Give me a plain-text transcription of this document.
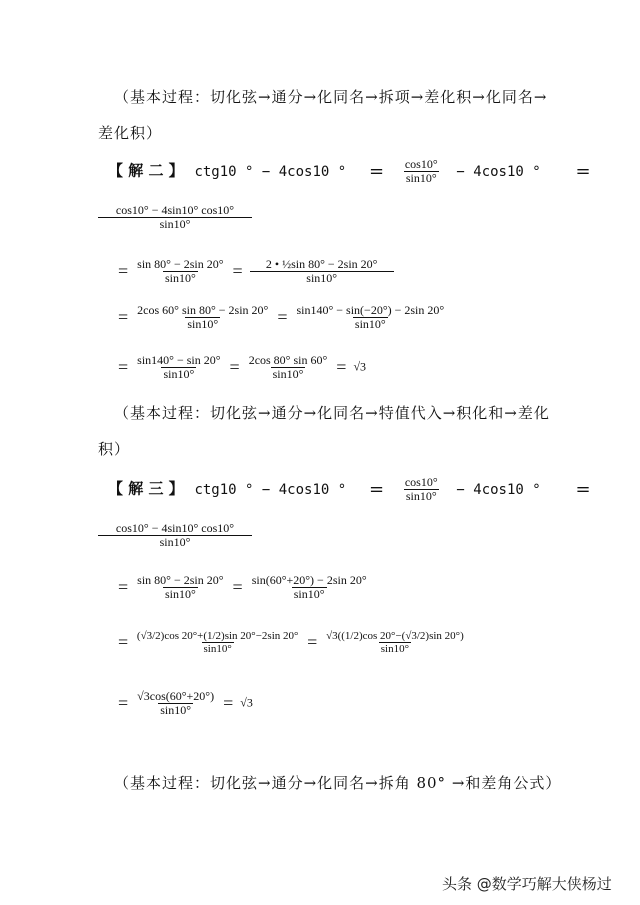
（基本过程：切化弦→通分→化同名→拆项→差化积→化同名→
差化积）
【 解 二 】 ctg10 ° − 4cos10 ° = $\frac{\cos 10^\circ}{\sin 10^\circ} - 4\cos 10$ ° =
$\frac{\cos 10^\circ - 4\sin 10^\circ \cos 10^\circ}{\sin 10^\circ}$
= $\frac{\sin 80^\circ - 2\sin 20^\circ}{\sin 10^\circ} = \frac{\text{2 • ½sin 80° − 2sin 20°}}{\sin 10^\circ}$
= $\frac{2\cos 60^\circ \sin 80^\circ - 2\sin 20^\circ}{\sin 10^\circ} = \frac{\sin 140^\circ - \sin(-20^\circ) - 2\sin 20^\circ}{\sin 10^\circ}$
= $\frac{\sin 140^\circ - \sin 20^\circ}{\sin 10^\circ} = \frac{2\cos 80^\circ \sin 60^\circ}{\sin 10^\circ} = √3$
（基本过程：切化弦→通分→化同名→特值代入→积化和→差化
积）
【 解 三 】 ctg10 ° − 4cos10 ° = $\frac{\cos 10^\circ}{\sin 10^\circ} - 4\cos 10$ ° =
$\frac{\cos 10^\circ - 4\sin 10^\circ \cos 10^\circ}{\sin 10^\circ}$
= $\frac{\sin 80^\circ - 2\sin 20^\circ}{\sin 10^\circ} = \frac{\sin(60^\circ+20^\circ) - 2\sin 20^\circ}{\sin 10^\circ}$
= $\frac{(√3/2)\cos 20^\circ+(1/2)\sin 20^\circ-2\sin 20^\circ}{\sin 10^\circ} = \frac{√3((1/2)\cos 20^\circ-(√3/2)\sin 20^\circ)}{\sin 10^\circ}$
= $\frac{√3\cos(60^\circ+20^\circ)}{\sin 10^\circ} = √3$
（基本过程：切化弦→通分→化同名→拆角 80° →和差角公式）
头条 @数学巧解大侠杨过
